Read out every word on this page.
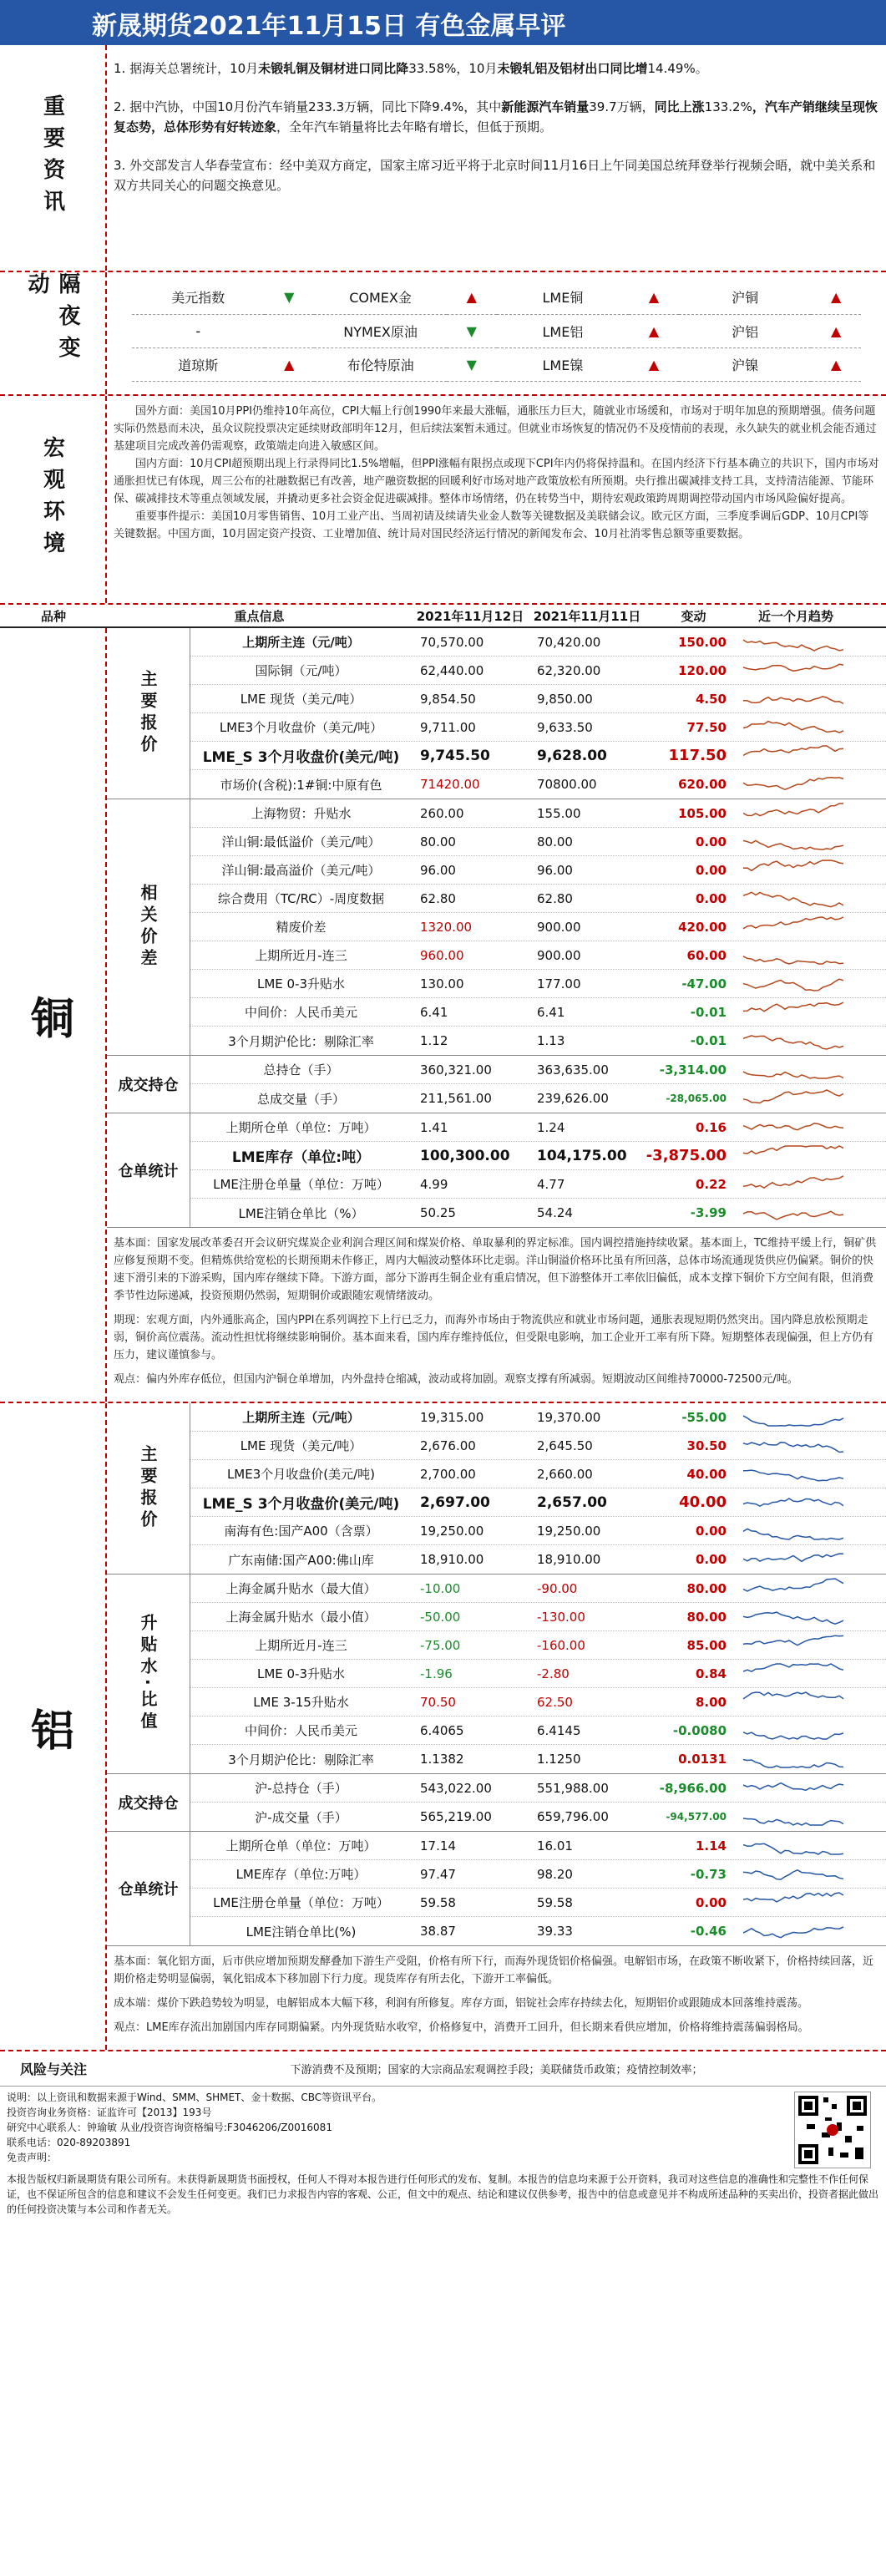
新晟期货2021年11月15日 有色金属早评
重要资讯

1. 据海关总署统计，10月未锻轧铜及铜材进口同比降33.58%，10月未锻轧铝及铝材出口同比增14.49%。

2. 据中汽协，中国10月份汽车销量233.3万辆，同比下降9.4%，其中新能源汽车销量39.7万辆，同比上涨133.2%，汽车产销继续呈现恢复态势，总体形势有好转迹象，全年汽车销量将比去年略有增长，但低于预期。

3. 外交部发言人华春莹宣布：经中美双方商定，国家主席习近平将于北京时间11月16日上午同美国总统拜登举行视频会晤，就中美关系和双方共同关心的问题交换意见。

隔夜变动	美元指数	▼	COMEX金	▲	LME铜	▲	沪铜	▲
-		NYMEX原油	▼	LME铝	▲	沪铝	▲
道琼斯	▲	布伦特原油	▼	LME镍	▲	沪镍	▲
宏观环境

国外方面：美国10月PPI仍维持10年高位，CPI大幅上行创1990年来最大涨幅，通胀压力巨大，随就业市场缓和，市场对于明年加息的预期增强。债务问题实际仍然悬而未决，虽众议院投票决定延续财政部明年12月，但后续法案暂未通过。但就业市场恢复的情况仍不及疫情前的表现，永久缺失的就业机会能否通过基建项目完成改善仍需观察，政策端走向进入敏感区间。

国内方面：10月CPI超预期出现上行录得同比1.5%增幅，但PPI涨幅有限拐点或现下CPI年内仍将保持温和。在国内经济下行基本确立的共识下，国内市场对通胀担忧已有体现，周三公布的社融数据已有改善，地产融资数据的回暖利好市场对地产政策放松有所预期。央行推出碳减排支持工具，支持清洁能源、节能环保、碳减排技术等重点领域发展，并撬动更多社会资金促进碳减排。整体市场情绪，仍在转势当中，期待宏观政策跨周期调控带动国内市场风险偏好提高。

重要事件提示：美国10月零售销售、10月工业产出、当周初请及续请失业金人数等关键数据及美联储会议。欧元区方面，三季度季调后GDP、10月CPI等关键数据。中国方面，10月固定资产投资、工业增加值、统计局对国民经济运行情况的新闻发布会、10月社消零售总额等重要数据。

品种	重点信息	2021年11月12日 2021年11月11日	变动	近一个月趋势
铜
主要报价
上期所主连（元/吨）	70,570.00	70,420.00	150.00
国际铜（元/吨）	62,440.00	62,320.00	120.00
LME 现货（美元/吨）	9,854.50	9,850.00	4.50
LME3个月收盘价（美元/吨）	9,711.00	9,633.50	77.50
LME_S 3个月收盘价(美元/吨)	9,745.50	9,628.00	117.50
市场价(含税):1#铜:中原有色	71420.00	70800.00	620.00
相关价差
上海物贸：升贴水	260.00	155.00	105.00
洋山铜:最低溢价（美元/吨）	80.00	80.00	0.00
洋山铜:最高溢价（美元/吨）	96.00	96.00	0.00
综合费用（TC/RC）-周度数据	62.80	62.80	0.00
精废价差	1320.00	900.00	420.00
上期所近月-连三	960.00	900.00	60.00
LME 0-3升贴水	130.00	177.00	-47.00
中间价：人民币美元	6.41	6.41	-0.01
3个月期沪伦比：剔除汇率	1.12	1.13	-0.01
成交持仓
总持仓（手）	360,321.00	363,635.00	-3,314.00
总成交量（手）	211,561.00	239,626.00	-28,065.00
仓单统计
上期所仓单（单位：万吨）	1.41	1.24	0.16
LME库存（单位:吨）	100,300.00	104,175.00	-3,875.00
LME注册仓单量（单位：万吨）	4.99	4.77	0.22
LME注销仓单比（%）	50.25	54.24	-3.99

基本面：国家发展改革委召开会议研究煤炭企业利润合理区间和煤炭价格、单取暴利的界定标准。国内调控措施持续收紧。基本面上，TC维持平缓上行，铜矿供应修复预期不变。但精炼供给宽松的长期预期未作修正，周内大幅波动整体环比走弱。洋山铜溢价格环比虽有所回落，总体市场流通现货供应仍偏紧。铜价的快速下滑引来的下游采购，国内库存继续下降。下游方面，部分下游再生铜企业有重启情况，但下游整体开工率依旧偏低，成本支撑下铜价下方空间有限，但消费季节性边际递减，投资预期仍然弱，短期铜价或跟随宏观情绪波动。

期现：宏观方面，内外通胀高企，国内PPI在系列调控下上行已乏力，而海外市场由于物流供应和就业市场问题，通胀表现短期仍然突出。国内降息放松预期走弱，铜价高位震荡。流动性担忧将继续影响铜价。基本面来看，国内库存维持低位，但受限电影响，加工企业开工率有所下降。短期整体表现偏强，但上方仍有压力，建议谨慎参与。

观点：偏内外库存低位，但国内沪铜仓单增加，内外盘持仓缩减，波动或将加剧。观察支撑有所减弱。短期波动区间维持70000-72500元/吨。

铝
主要报价
上期所主连（元/吨）	19,315.00	19,370.00	-55.00
LME 现货（美元/吨）	2,676.00	2,645.50	30.50
LME3个月收盘价(美元/吨)	2,700.00	2,660.00	40.00
LME_S 3个月收盘价(美元/吨)	2,697.00	2,657.00	40.00
南海有色:国产A00（含票）	19,250.00	19,250.00	0.00
广东南储:国产A00:佛山库	18,910.00	18,910.00	0.00
升贴水·比值
上海金属升贴水（最大值）	-10.00	-90.00	80.00
上海金属升贴水（最小值）	-50.00	-130.00	80.00
上期所近月-连三	-75.00	-160.00	85.00
LME 0-3升贴水	-1.96	-2.80	0.84
LME 3-15升贴水	70.50	62.50	8.00
中间价：人民币美元	6.4065	6.4145	-0.0080
3个月期沪伦比：剔除汇率	1.1382	1.1250	0.0131
成交持仓
沪-总持仓（手）	543,022.00	551,988.00	-8,966.00
沪-成交量（手）	565,219.00	659,796.00	-94,577.00
仓单统计
上期所仓单（单位：万吨）	17.14	16.01	1.14
LME库存（单位:万吨）	97.47	98.20	-0.73
LME注册仓单量（单位：万吨）	59.58	59.58	0.00
LME注销仓单比(%)	38.87	39.33	-0.46

基本面：氧化铝方面，后市供应增加预期发酵叠加下游生产受阻，价格有所下行，而海外现货铝价格偏强。电解铝市场，在政策不断收紧下，价格持续回落，近期价格走势明显偏弱，氧化铝成本下移加剧下行力度。现货库存有所去化，下游开工率偏低。

成本端：煤价下跌趋势较为明显，电解铝成本大幅下移，利润有所修复。库存方面，铝锭社会库存持续去化，短期铝价或跟随成本回落维持震荡。

观点：LME库存流出加剧国内库存同期偏紧。内外现货贴水收窄，价格修复中，消费开工回升，但长期来看供应增加，价格将维持震荡偏弱格局。

风险与关注	下游消费不及预期；国家的大宗商品宏观调控手段；美联储货币政策；疫情控制效率；
说明：以上资讯和数据来源于Wind、SMM、SHMET、金十数据、CBC等资讯平台。
投资咨询业务资格：证监许可【2013】193号
研究中心联系人：钟瑜敏 从业/投资咨询资格编号:F3046206/Z0016081
联系电话：020-89203891
免责声明：
本报告版权归新晟期货有限公司所有。未获得新晟期货书面授权，任何人不得对本报告进行任何形式的发布、复制。本报告的信息均来源于公开资料，我司对这些信息的准确性和完整性不作任何保证，也不保证所包含的信息和建议不会发生任何变更。我们已力求报告内容的客观、公正，但文中的观点、结论和建议仅供参考，报告中的信息或意见并不构成所述品种的买卖出价，投资者据此做出的任何投资决策与本公司和作者无关。
